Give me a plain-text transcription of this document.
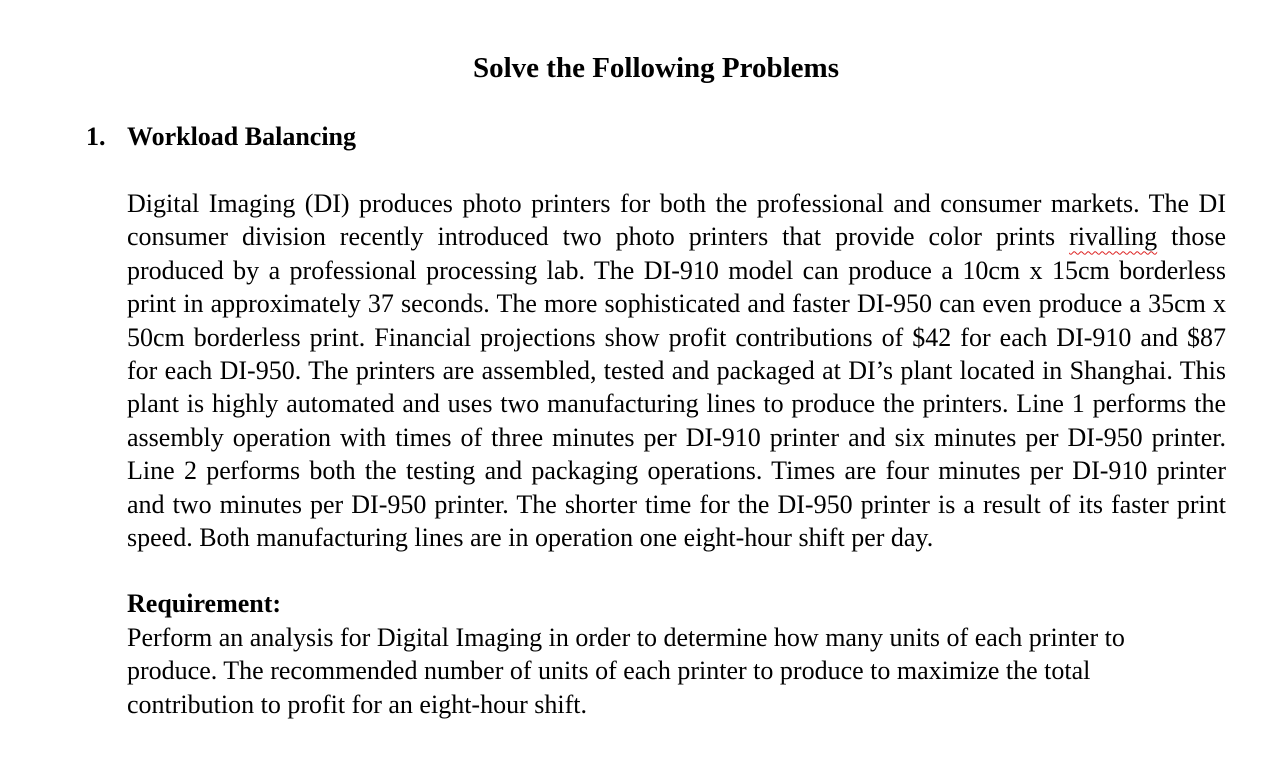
Solve the Following Problems
1. Workload Balancing

Digital Imaging (DI) produces photo printers for both the professional and consumer markets. The DI consumer division recently introduced two photo printers that provide color prints rivalling those produced by a professional processing lab. The DI-910 model can produce a 10cm x 15cm borderless print in approximately 37 seconds. The more sophisticated and faster DI-950 can even produce a 35cm x 50cm borderless print. Financial projections show profit contributions of $42 for each DI-910 and $87 for each DI-950. The printers are assembled, tested and packaged at DI’s plant located in Shanghai. This plant is highly automated and uses two manufacturing lines to produce the printers. Line 1 performs the assembly operation with times of three minutes per DI-910 printer and six minutes per DI-950 printer. Line 2 performs both the testing and packaging operations. Times are four minutes per DI-910 printer and two minutes per DI-950 printer. The shorter time for the DI-950 printer is a result of its faster print speed. Both manufacturing lines are in operation one eight-hour shift per day.

Requirement:

Perform an analysis for Digital Imaging in order to determine how many units of each printer to produce. The recommended number of units of each printer to produce to maximize the total contribution to profit for an eight-hour shift.
